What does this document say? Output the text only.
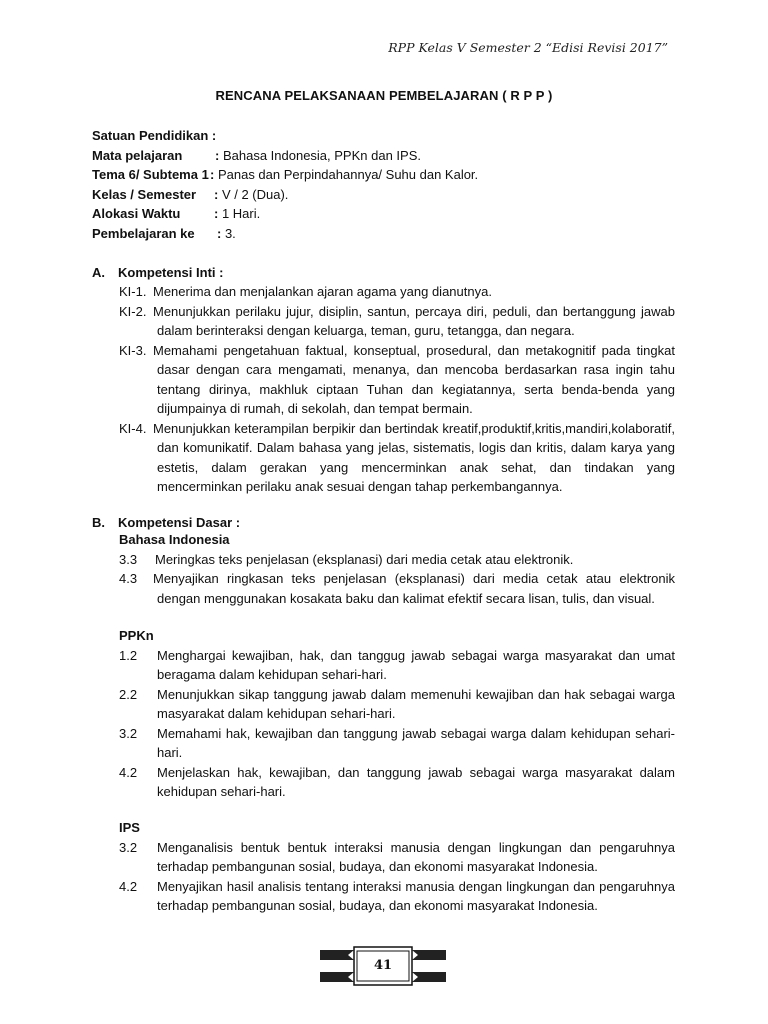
RPP Kelas V Semester 2 “Edisi Revisi 2017”
RENCANA PELAKSANAAN PEMBELAJARAN ( R P P )
Satuan Pendidikan :
Mata pelajaran	: Bahasa Indonesia, PPKn dan IPS.
Tema 6/ Subtema 1: Panas dan Perpindahannya/ Suhu dan Kalor.
Kelas / Semester : V / 2 (Dua).
Alokasi Waktu	: 1 Hari.
Pembelajaran ke : 3.
A. Kompetensi Inti :
KI-1. Menerima dan menjalankan ajaran agama yang dianutnya.
KI-2. Menunjukkan perilaku jujur, disiplin, santun, percaya diri, peduli, dan bertanggung jawab dalam berinteraksi dengan keluarga, teman, guru, tetangga, dan negara.
KI-3. Memahami pengetahuan faktual, konseptual, prosedural, dan metakognitif pada tingkat dasar dengan cara mengamati, menanya, dan mencoba berdasarkan rasa ingin tahu tentang dirinya, makhluk ciptaan Tuhan dan kegiatannya, serta benda-benda yang dijumpainya di rumah, di sekolah, dan tempat bermain.
KI-4. Menunjukkan keterampilan berpikir dan bertindak kreatif,produktif,kritis,mandiri,kolaboratif, dan komunikatif. Dalam bahasa yang jelas, sistematis, logis dan kritis, dalam karya yang estetis, dalam gerakan yang mencerminkan anak sehat, dan tindakan yang mencerminkan perilaku anak sesuai dengan tahap perkembangannya.
B. Kompetensi Dasar :
Bahasa Indonesia
3.3 Meringkas teks penjelasan (eksplanasi) dari media cetak atau elektronik.
4.3 Menyajikan ringkasan teks penjelasan (eksplanasi) dari media cetak atau elektronik dengan menggunakan kosakata baku dan kalimat efektif secara lisan, tulis, dan visual.
PPKn
1.2 Menghargai kewajiban, hak, dan tanggug jawab sebagai warga masyarakat dan umat beragama dalam kehidupan sehari-hari.
2.2 Menunjukkan sikap tanggung jawab dalam memenuhi kewajiban dan hak sebagai warga masyarakat dalam kehidupan sehari-hari.
3.2 Memahami hak, kewajiban dan tanggung jawab sebagai warga dalam kehidupan sehari-hari.
4.2 Menjelaskan hak, kewajiban, dan tanggung jawab sebagai warga masyarakat dalam kehidupan sehari-hari.
IPS
3.2 Menganalisis bentuk bentuk interaksi manusia dengan lingkungan dan pengaruhnya terhadap pembangunan sosial, budaya, dan ekonomi masyarakat Indonesia.
4.2 Menyajikan hasil analisis tentang interaksi manusia dengan lingkungan dan pengaruhnya terhadap pembangunan sosial, budaya, dan ekonomi masyarakat Indonesia.
41
